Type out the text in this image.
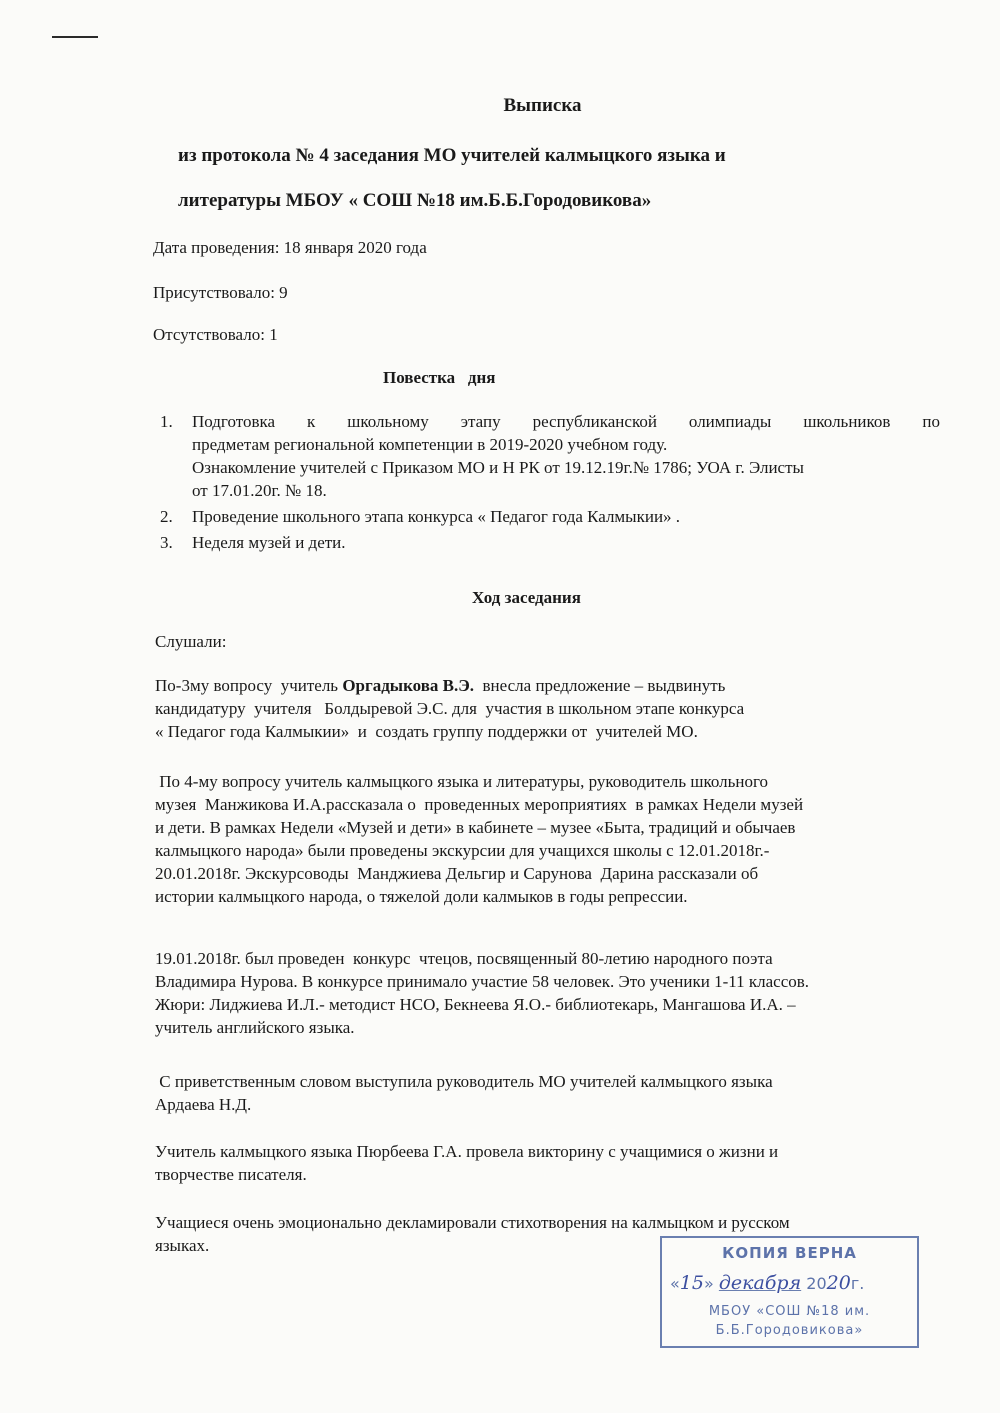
Выписка
из протокола № 4 заседания МО учителей калмыцкого языка и
литературы МБОУ « СОШ №18 им.Б.Б.Городовикова»
Дата проведения: 18 января 2020 года
Присутствовало: 9
Отсутствовало: 1
Повестка   дня
1. Подготовка к школьному этапу республиканской олимпиады школьников по
предметам региональной компетенции в 2019-2020 учебном году.
Ознакомление учителей с Приказом МО и Н РК от 19.12.19г.№ 1786; УОА г. Элисты
от 17.01.20г. № 18.
2. Проведение школьного этапа конкурса « Педагог года Калмыкии» .
3. Неделя музей и дети.
Ход заседания
Слушали:
По-3му вопросу  учитель Оргадыкова В.Э.  внесла предложение – выдвинуть
кандидатуру  учителя   Болдыревой Э.С. для  участия в школьном этапе конкурса
« Педагог года Калмыкии»  и  создать группу поддержки от  учителей МО.
По 4-му вопросу учитель калмыцкого языка и литературы, руководитель школьного
музея  Манжикова И.А.рассказала о  проведенных мероприятиях  в рамках Недели музей
и дети. В рамках Недели «Музей и дети» в кабинете – музее «Быта, традиций и обычаев
калмыцкого народа» были проведены экскурсии для учащихся школы с 12.01.2018г.-
20.01.2018г. Экскурсоводы  Манджиева Дельгир и Сарунова  Дарина рассказали об
истории калмыцкого народа, о тяжелой доли калмыков в годы репрессии.
19.01.2018г. был проведен  конкурс  чтецов, посвященный 80-летию народного поэта
Владимира Нурова. В конкурсе принимало участие 58 человек. Это ученики 1-11 классов.
Жюри: Лиджиева И.Л.- методист НСО, Бекнеева Я.О.- библиотекарь, Мангашова И.А. –
учитель английского языка.
С приветственным словом выступила руководитель МО учителей калмыцкого языка
Ардаева Н.Д.
Учитель калмыцкого языка Пюрбеева Г.А. провела викторину с учащимися о жизни и
творчестве писателя.
Учащиеся очень эмоционально декламировали стихотворения на калмыцком и русском
языках.	КОПИЯ ВЕРНА
«15» декабря 2020г.
МБОУ «СОШ №18 им.
Б.Б.Городовикова»
